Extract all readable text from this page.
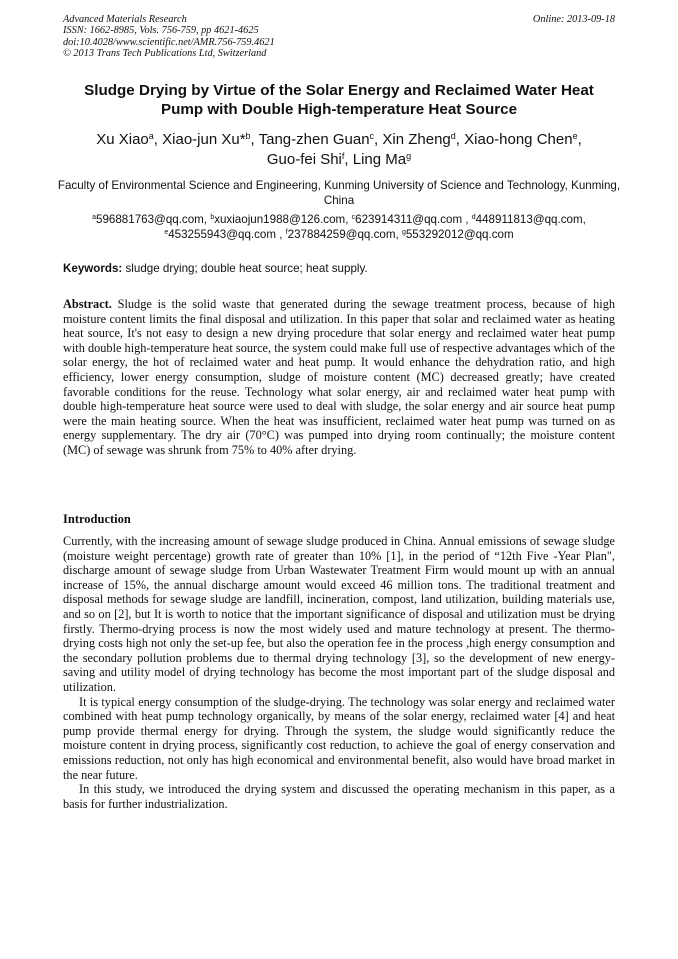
Advanced Materials Research
ISSN: 1662-8985, Vols. 756-759, pp 4621-4625
doi:10.4028/www.scientific.net/AMR.756-759.4621
© 2013 Trans Tech Publications Ltd, Switzerland
Online: 2013-09-18
Sludge Drying by Virtue of the Solar Energy and Reclaimed Water Heat
Pump with Double High-temperature Heat Source
Xu Xiao$^a$, Xiao-jun Xu*$^b$, Tang-zhen Guan$^c$, Xin Zheng$^d$, Xiao-hong Chen$^e$,
Guo-fei Shi$^f$, Ling Ma$^g$
Faculty of Environmental Science and Engineering, Kunming University of Science and Technology, Kunming, China
$^a$596881763@qq.com, $^b$xuxiaojun1988@126.com, $^c$623914311@qq.com , $^d$448911813@qq.com,
$^e$453255943@qq.com , $^f$237884259@qq.com, $^g$553292012@qq.com
Keywords: sludge drying; double heat source; heat supply.

Abstract. Sludge is the solid waste that generated during the sewage treatment process, because of high moisture content limits the final disposal and utilization. In this paper that solar and reclaimed water as heating heat source, It's not easy to design a new drying procedure that solar energy and reclaimed water heat pump with double high-temperature heat source, the system could make full use of respective advantages which of the solar energy, the hot of reclaimed water and heat pump. It would enhance the dehydration ratio, and high efficiency, lower energy consumption, sludge of moisture content (MC) decreased greatly; have created favorable conditions for the reuse. Technology what solar energy, air and reclaimed water heat pump with double high-temperature heat source were used to deal with sludge, the solar energy and air source heat pump were the main heating source. When the heat was insufficient, reclaimed water heat pump was turned on as energy supplementary. The dry air (70°C) was pumped into drying room continually; the moisture content (MC) of sewage was shrunk from 75% to 40% after drying.

Introduction

Currently, with the increasing amount of sewage sludge produced in China. Annual emissions of sewage sludge (moisture weight percentage) growth rate of greater than 10% [1], in the period of “12th Five -Year Plan", discharge amount of sewage sludge from Urban Wastewater Treatment Firm would mount up with an annual increase of 15%, the annual discharge amount would exceed 46 million tons. The traditional treatment and disposal methods for sewage sludge are landfill, incineration, compost, land utilization, building materials use, and so on [2], but It is worth to notice that the important significance of disposal and utilization must be drying firstly. Thermo-drying process is now the most widely used and mature technology at present. The thermo-drying costs high not only the set-up fee, but also the operation fee in the process ,high energy consumption and the secondary pollution problems due to thermal drying technology [3], so the development of new energy-saving and utility model of drying technology has become the most important part of the sludge disposal and utilization.

It is typical energy consumption of the sludge-drying. The technology was solar energy and reclaimed water combined with heat pump technology organically, by means of the solar energy, reclaimed water [4] and heat pump provide thermal energy for drying. Through the system, the sludge would significantly reduce the moisture content in drying process, significantly cost reduction, to achieve the goal of energy conservation and emissions reduction, not only has high economical and environmental benefit, also would have broad market in the near future.

In this study, we introduced the drying system and discussed the operating mechanism in this paper, as a basis for further industrialization.
